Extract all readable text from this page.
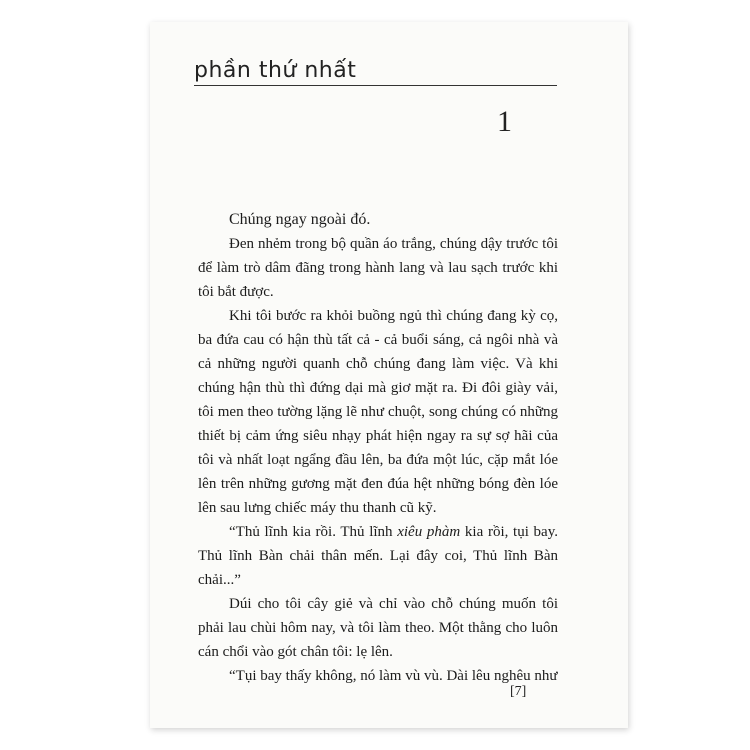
phần thứ nhất
1

Chúng ngay ngoài đó.

Đen nhẻm trong bộ quần áo trắng, chúng dậy trước tôi để làm trò dâm đãng trong hành lang và lau sạch trước khi tôi bắt được.

Khi tôi bước ra khỏi buồng ngủ thì chúng đang kỳ cọ, ba đứa cau có hận thù tất cả - cả buổi sáng, cả ngôi nhà và cả những người quanh chỗ chúng đang làm việc. Và khi chúng hận thù thì đứng dại mà giơ mặt ra. Đi đôi giày vải, tôi men theo tường lặng lẽ như chuột, song chúng có những thiết bị cảm ứng siêu nhạy phát hiện ngay ra sự sợ hãi của tôi và nhất loạt ngẩng đầu lên, ba đứa một lúc, cặp mắt lóe lên trên những gương mặt đen đúa hệt những bóng đèn lóe lên sau lưng chiếc máy thu thanh cũ kỹ.

“Thủ lĩnh kia rồi. Thủ lĩnh xiêu phàm kia rồi, tụi bay. Thủ lĩnh Bàn chải thân mến. Lại đây coi, Thủ lĩnh Bàn chải...”

Dúi cho tôi cây giẻ và chỉ vào chỗ chúng muốn tôi phải lau chùi hôm nay, và tôi làm theo. Một thằng cho luôn cán chổi vào gót chân tôi: lẹ lên.

“Tụi bay thấy không, nó làm vù vù. Dài lêu nghêu như

[7]
